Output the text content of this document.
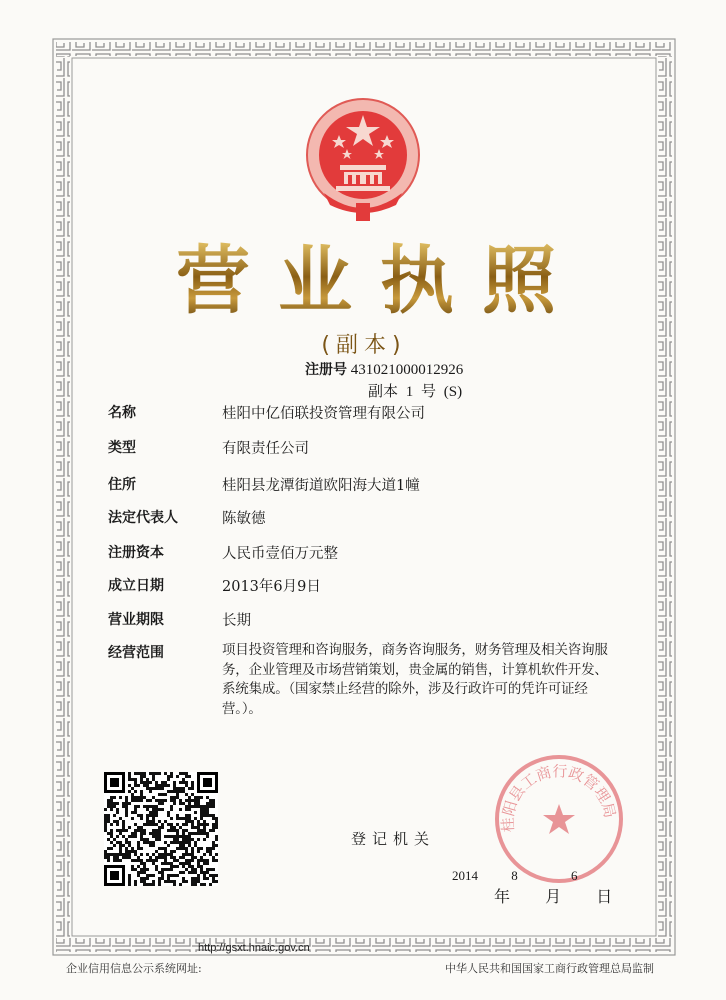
营 业 执 照
(副本)
注册号 431021000012926
副本 1 号 (S)
名称	桂阳中亿佰联投资管理有限公司
类型	有限责任公司
住所	桂阳县龙潭街道欧阳海大道1幢
法定代表人	陈敏德
注册资本	人民币壹佰万元整
成立日期	2013年6月9日
营业期限	长期
经营范围	项目投资管理和咨询服务，商务咨询服务，财务管理及相关咨询服务，企业管理及市场营销策划，贵金属的销售，计算机软件开发、系统集成。（国家禁止经营的除外，涉及行政许可的凭许可证经营。）。
桂阳县工商行政管理局
登记机关
2014	8	6
年 月 日
http://gsxt.hnaic.gov.cn
企业信用信息公示系统网址:	中华人民共和国国家工商行政管理总局监制
